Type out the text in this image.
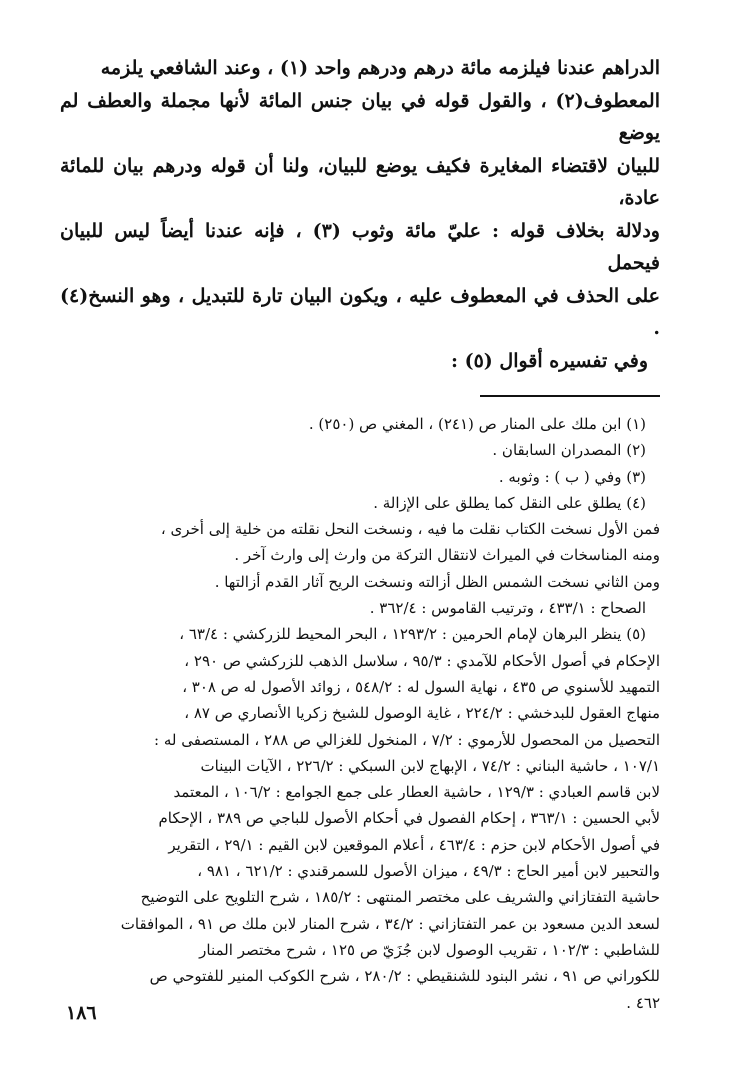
الدراهم عندنا فيلزمه مائة درهم ودرهم واحد (١) ، وعند الشافعي يلزمه

المعطوف(٢) ، والقول قوله في بيان جنس المائة لأنها مجملة والعطف لم يوضع

للبيان لاقتضاء المغايرة فكيف يوضع للبيان، ولنا أن قوله ودرهم بيان للمائة عادة،

ودلالة بخلاف قوله : عليّ مائة وثوب (٣) ، فإنه عندنا أيضاً ليس للبيان فيحمل

على الحذف في المعطوف عليه ، ويكون البيان تارة للتبديل ، وهو النسخ(٤) .

وفي تفسيره أقوال (٥) :

(١) ابن ملك على المنار ص (٢٤١) ، المغني ص (٢٥٠) .

(٢) المصدران السابقان .

(٣) وفي ( ب ) : وثوبه .

(٤) يطلق على النقل كما يطلق على الإزالة .

فمن الأول نسخت الكتاب نقلت ما فيه ، ونسخت النحل نقلته من خلية إلى أخرى ،

ومنه المناسخات في الميراث لانتقال التركة من وارث إلى وارث آخر .

ومن الثاني نسخت الشمس الظل أزالته ونسخت الريح آثار القدم أزالتها .

الصحاح : ٤٣٣/١ ، وترتيب القاموس : ٣٦٢/٤ .

(٥) ينظر البرهان لإمام الحرمين : ١٢٩٣/٢ ، البحر المحيط للزركشي : ٦٣/٤ ،

الإحكام في أصول الأحكام للآمدي : ٩٥/٣ ، سلاسل الذهب للزركشي ص ٢٩٠ ،

التمهيد للأسنوي ص ٤٣٥ ، نهاية السول له : ٥٤٨/٢ ، زوائد الأصول له ص ٣٠٨ ،

منهاج العقول للبدخشي : ٢٢٤/٢ ، غاية الوصول للشيخ زكريا الأنصاري ص ٨٧ ،

التحصيل من المحصول للأرموي : ٧/٢ ، المنخول للغزالي ص ٢٨٨ ، المستصفى له :

١٠٧/١ ، حاشية البناني : ٧٤/٢ ، الإبهاج لابن السبكي : ٢٢٦/٢ ، الآيات البينات

لابن قاسم العبادي : ١٢٩/٣ ، حاشية العطار على جمع الجوامع : ١٠٦/٢ ، المعتمد

لأبي الحسين : ٣٦٣/١ ، إحكام الفصول في أحكام الأصول للباجي ص ٣٨٩ ، الإحكام

في أصول الأحكام لابن حزم : ٤٦٣/٤ ، أعلام الموقعين لابن القيم : ٢٩/١ ، التقرير

والتحبير لابن أمير الحاج : ٤٩/٣ ، ميزان الأصول للسمرقندي : ٦٢١/٢ ، ٩٨١ ،

حاشية التفتازاني والشريف على مختصر المنتهى : ١٨٥/٢ ، شرح التلويح على التوضيح

لسعد الدين مسعود بن عمر التفتازاني : ٣٤/٢ ، شرح المنار لابن ملك ص ٩١ ، الموافقات

للشاطبي : ١٠٢/٣ ، تقريب الوصول لابن جُزَيّ ص ١٢٥ ، شرح مختصر المنار

للكوراني ص ٩١ ، نشر البنود للشنقيطي : ٢٨٠/٢ ، شرح الكوكب المنير للفتوحي ص

٤٦٢ .

١٨٦
